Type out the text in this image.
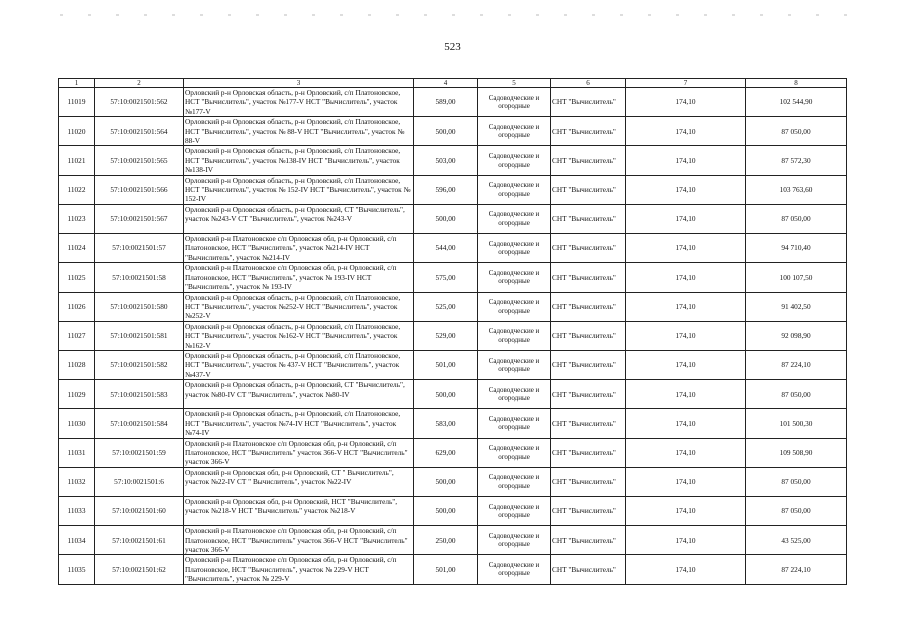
523
1	2	3	4	5	6	7	8
11019	57:10:0021501:562	Орловский р-н Орловская область, р-н Орловский, с/п Платоновское, НСТ "Вычислитель", участок №177-V НСТ "Вычислитель", участок №177-V	589,00	Садоводческие и огородные	СНТ "Вычислитель"	174,10	102 544,90
11020	57:10:0021501:564	Орловский р-н Орловская область, р-н Орловский, с/п Платоновское, НСТ "Вычислитель", участок № 88-V НСТ "Вычислитель", участок № 88-V	500,00	Садоводческие и огородные	СНТ "Вычислитель"	174,10	87 050,00
11021	57:10:0021501:565	Орловский р-н Орловская область, р-н Орловский, с/п Платоновское, НСТ "Вычислитель", участок №138-IV НСТ "Вычислитель", участок №138-IV	503,00	Садоводческие и огородные	СНТ "Вычислитель"	174,10	87 572,30
11022	57:10:0021501:566	Орловский р-н Орловская область, р-н Орловский, с/п Платоновское, НСТ "Вычислитель", участок № 152-IV НСТ "Вычислитель", участок № 152-IV	596,00	Садоводческие и огородные	СНТ "Вычислитель"	174,10	103 763,60
11023	57:10:0021501:567	Орловский р-н Орловская область, р-н Орловский, СТ "Вычислитель", участок №243-V СТ "Вычислитель", участок №243-V	500,00	Садоводческие и огородные	СНТ "Вычислитель"	174,10	87 050,00
11024	57:10:0021501:57	Орловский р-н Платоновское с/п Орловская обл, р-н Орловский, с/п Платоновское, НСТ "Вычислитель", участок №214-IV НСТ "Вычислитель", участок №214-IV	544,00	Садоводческие и огородные	СНТ "Вычислитель"	174,10	94 710,40
11025	57:10:0021501:58	Орловский р-н Платоновское с/п Орловская обл, р-н Орловский, с/п Платоновское, НСТ "Вычислитель", участок № 193-IV НСТ "Вычислитель", участок № 193-IV	575,00	Садоводческие и огородные	СНТ "Вычислитель"	174,10	100 107,50
11026	57:10:0021501:580	Орловский р-н Орловская область, р-н Орловский, с/п Платоновское, НСТ "Вычислитель", участок №252-V НСТ "Вычислитель", участок №252-V	525,00	Садоводческие и огородные	СНТ "Вычислитель"	174,10	91 402,50
11027	57:10:0021501:581	Орловский р-н Орловская область, р-н Орловский, с/п Платоновское, НСТ "Вычислитель", участок №162-V НСТ "Вычислитель", участок №162-V	529,00	Садоводческие и огородные	СНТ "Вычислитель"	174,10	92 098,90
11028	57:10:0021501:582	Орловский р-н Орловская область, р-н Орловский, с/п Платоновское, НСТ "Вычислитель", участок № 437-V НСТ "Вычислитель", участок №437-V	501,00	Садоводческие и огородные	СНТ "Вычислитель"	174,10	87 224,10
11029	57:10:0021501:583	Орловский р-н Орловская область, р-н Орловский, СТ "Вычислитель", участок №80-IV СТ "Вычислитель", участок №80-IV	500,00	Садоводческие и огородные	СНТ "Вычислитель"	174,10	87 050,00
11030	57:10:0021501:584	Орловский р-н Орловская область, р-н Орловский, с/п Платоновское, НСТ "Вычислитель", участок №74-IV НСТ "Вычислитель", участок №74-IV	583,00	Садоводческие и огородные	СНТ "Вычислитель"	174,10	101 500,30
11031	57:10:0021501:59	Орловский р-н Платоновское с/п Орловская обл, р-н Орловский, с/п Платоновское, НСТ "Вычислитель" участок 366-V НСТ "Вычислитель" участок 366-V	629,00	Садоводческие и огородные	СНТ "Вычислитель"	174,10	109 508,90
11032	57:10:0021501:6	Орловский р-н Орловская обл, р-н Орловский, СТ " Вычислитель", участок №22-IV СТ " Вычислитель", участок №22-IV	500,00	Садоводческие и огородные	СНТ "Вычислитель"	174,10	87 050,00
11033	57:10:0021501:60	Орловский р-н Орловская обл, р-н Орловский, НСТ "Вычислитель", участок №218-V НСТ "Вычислитель" участок №218-V	500,00	Садоводческие и огородные	СНТ "Вычислитель"	174,10	87 050,00
11034	57:10:0021501:61	Орловский р-н Платоновское с/п Орловская обл, р-н Орловский, с/п Платоновское, НСТ "Вычислитель" участок 366-V НСТ "Вычислитель" участок 366-V	250,00	Садоводческие и огородные	СНТ "Вычислитель"	174,10	43 525,00
11035	57:10:0021501:62	Орловский р-н Платоновское с/п Орловская обл, р-н Орловский, с/п Платоновское, НСТ "Вычислитель", участок № 229-V НСТ "Вычислитель", участок № 229-V	501,00	Садоводческие и огородные	СНТ "Вычислитель"	174,10	87 224,10
